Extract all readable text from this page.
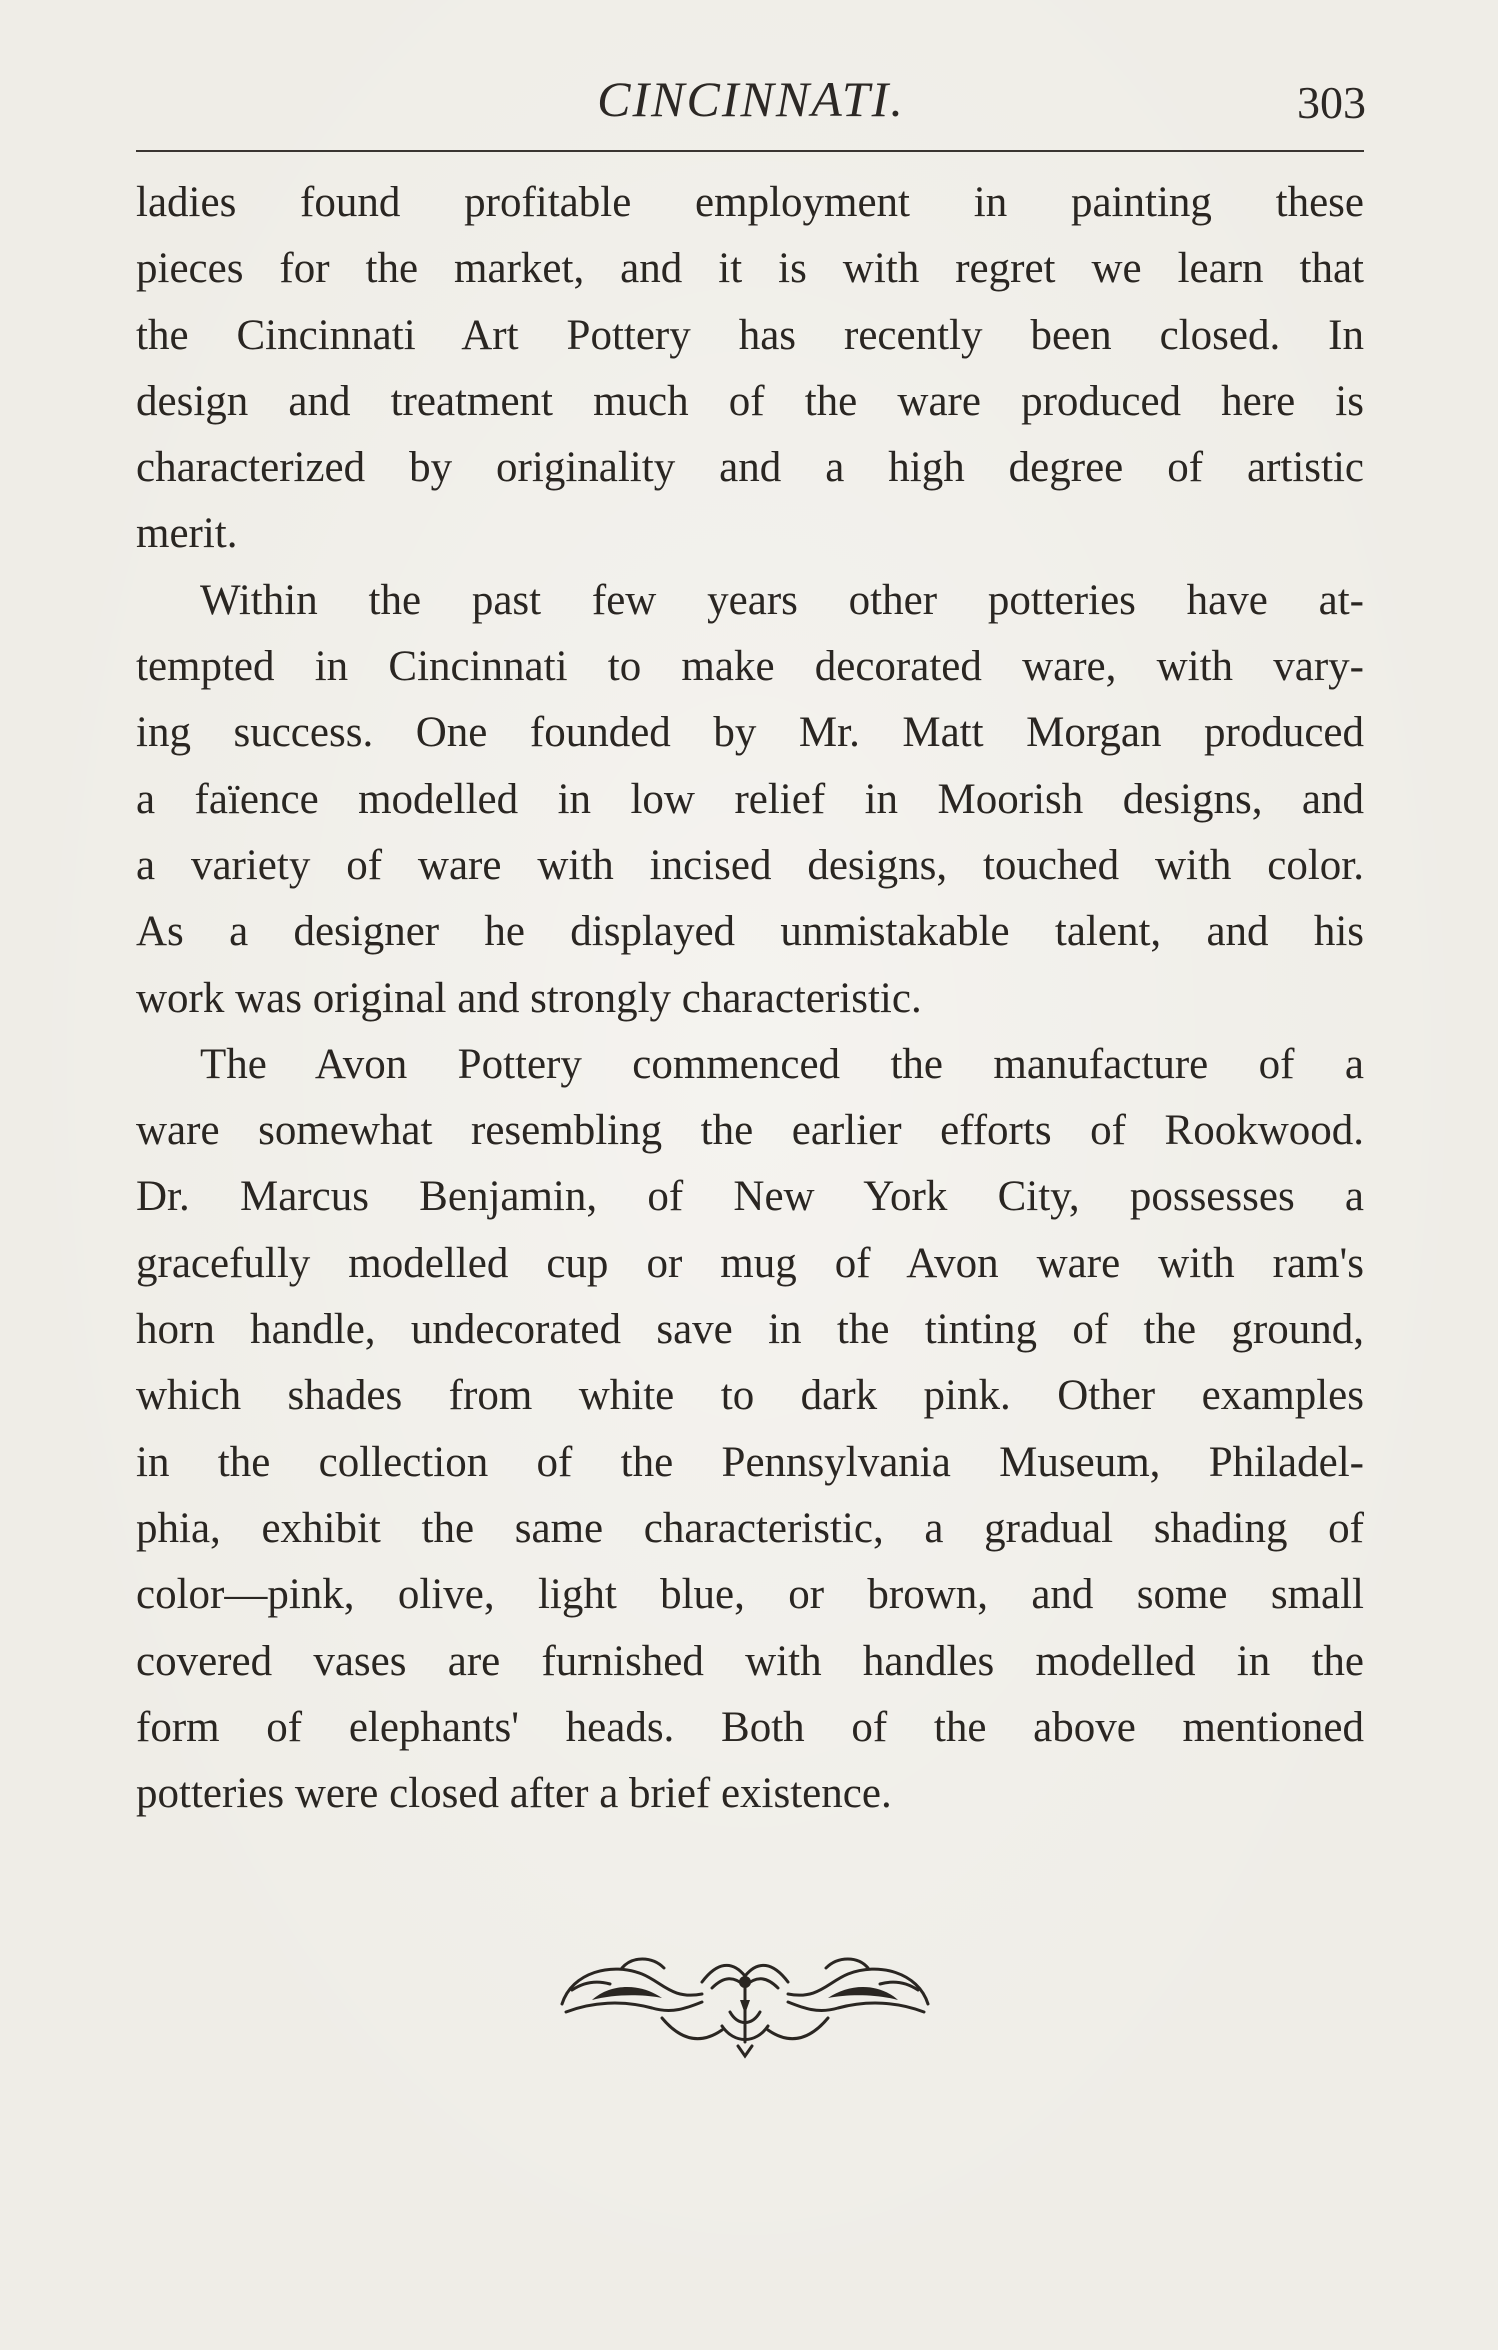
CINCINNATI.	303
ladies found profitable employment in painting these
pieces for the market, and it is with regret we learn that
the Cincinnati Art Pottery has recently been closed. In
design and treatment much of the ware produced here is
characterized by originality and a high degree of artistic
merit.
Within the past few years other potteries have at-
tempted in Cincinnati to make decorated ware, with vary-
ing success. One founded by Mr. Matt Morgan produced
a faïence modelled in low relief in Moorish designs, and
a variety of ware with incised designs, touched with color.
As a designer he displayed unmistakable talent, and his
work was original and strongly characteristic.
The Avon Pottery commenced the manufacture of a
ware somewhat resembling the earlier efforts of Rookwood.
Dr. Marcus Benjamin, of New York City, possesses a
gracefully modelled cup or mug of Avon ware with ram's
horn handle, undecorated save in the tinting of the ground,
which shades from white to dark pink. Other examples
in the collection of the Pennsylvania Museum, Philadel-
phia, exhibit the same characteristic, a gradual shading of
color—pink, olive, light blue, or brown, and some small
covered vases are furnished with handles modelled in the
form of elephants' heads. Both of the above mentioned
potteries were closed after a brief existence.
